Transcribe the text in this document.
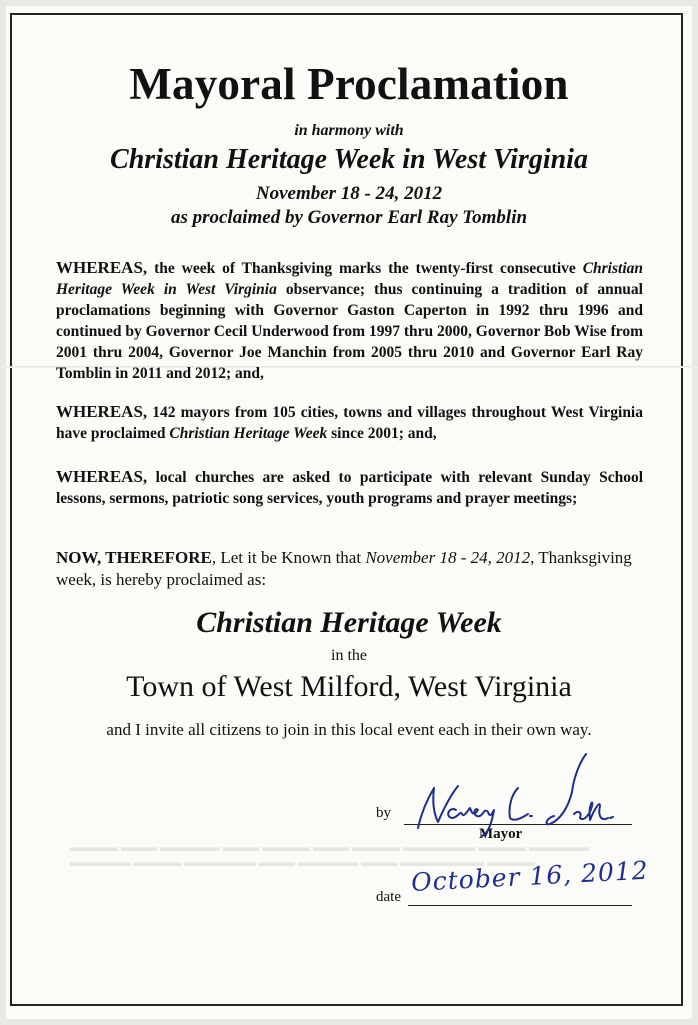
▬▬▬▬ ▬▬▬ ▬▬▬▬▬ ▬▬▬ ▬▬▬▬ ▬▬▬ ▬▬▬▬ ▬▬▬▬▬▬ ▬▬▬▬ ▬▬▬▬▬
▬▬▬▬▬ ▬▬▬▬ ▬▬▬▬▬▬ ▬▬▬ ▬▬▬▬▬ ▬▬▬ ▬▬▬▬▬▬▬ ▬▬▬▬
Mayoral Proclamation
in harmony with
Christian Heritage Week in West Virginia
November 18 - 24, 2012
as proclaimed by Governor Earl Ray Tomblin
WHEREAS, the week of Thanksgiving marks the twenty-first consecutive Christian Heritage Week in West Virginia observance; thus continuing a tradition of annual proclamations beginning with Governor Gaston Caperton in 1992 thru 1996 and continued by Governor Cecil Underwood from 1997 thru 2000, Governor Bob Wise from 2001 thru 2004, Governor Joe Manchin from 2005 thru 2010 and Governor Earl Ray Tomblin in 2011 and 2012; and,
WHEREAS, 142 mayors from 105 cities, towns and villages throughout West Virginia have proclaimed Christian Heritage Week since 2001; and,
WHEREAS, local churches are asked to participate with relevant Sunday School lessons, sermons, patriotic song services, youth programs and prayer meetings;
NOW, THEREFORE, Let it be Known that November 18 - 24, 2012, Thanksgiving week, is hereby proclaimed as:
Christian Heritage Week
in the
Town of West Milford, West Virginia
and I invite all citizens to join in this local event each in their own way.
by
Mayor
date October 16, 2012
